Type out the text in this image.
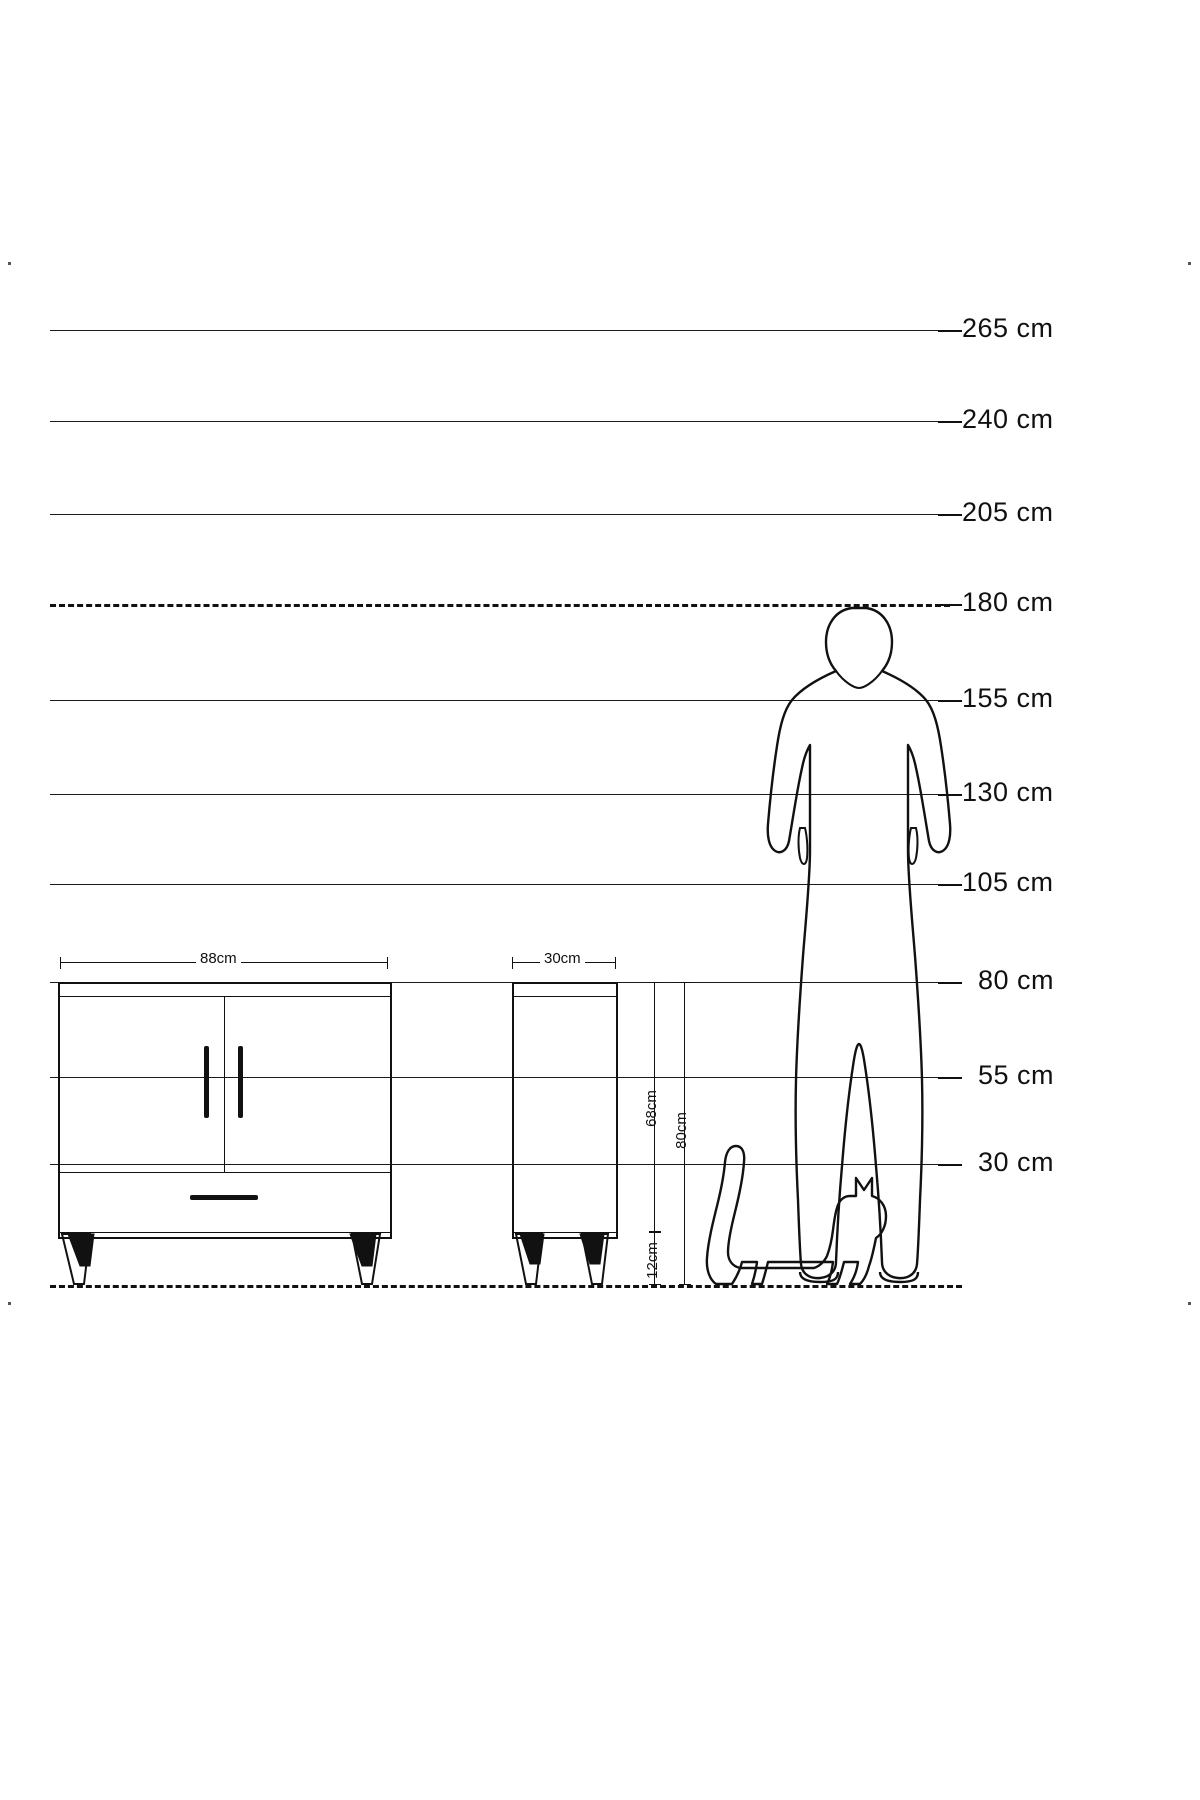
265 cm
240 cm
205 cm
180 cm
155 cm
130 cm
105 cm
80 cm
55 cm
30 cm
88cm	30cm
68cm
80cm
12cm
